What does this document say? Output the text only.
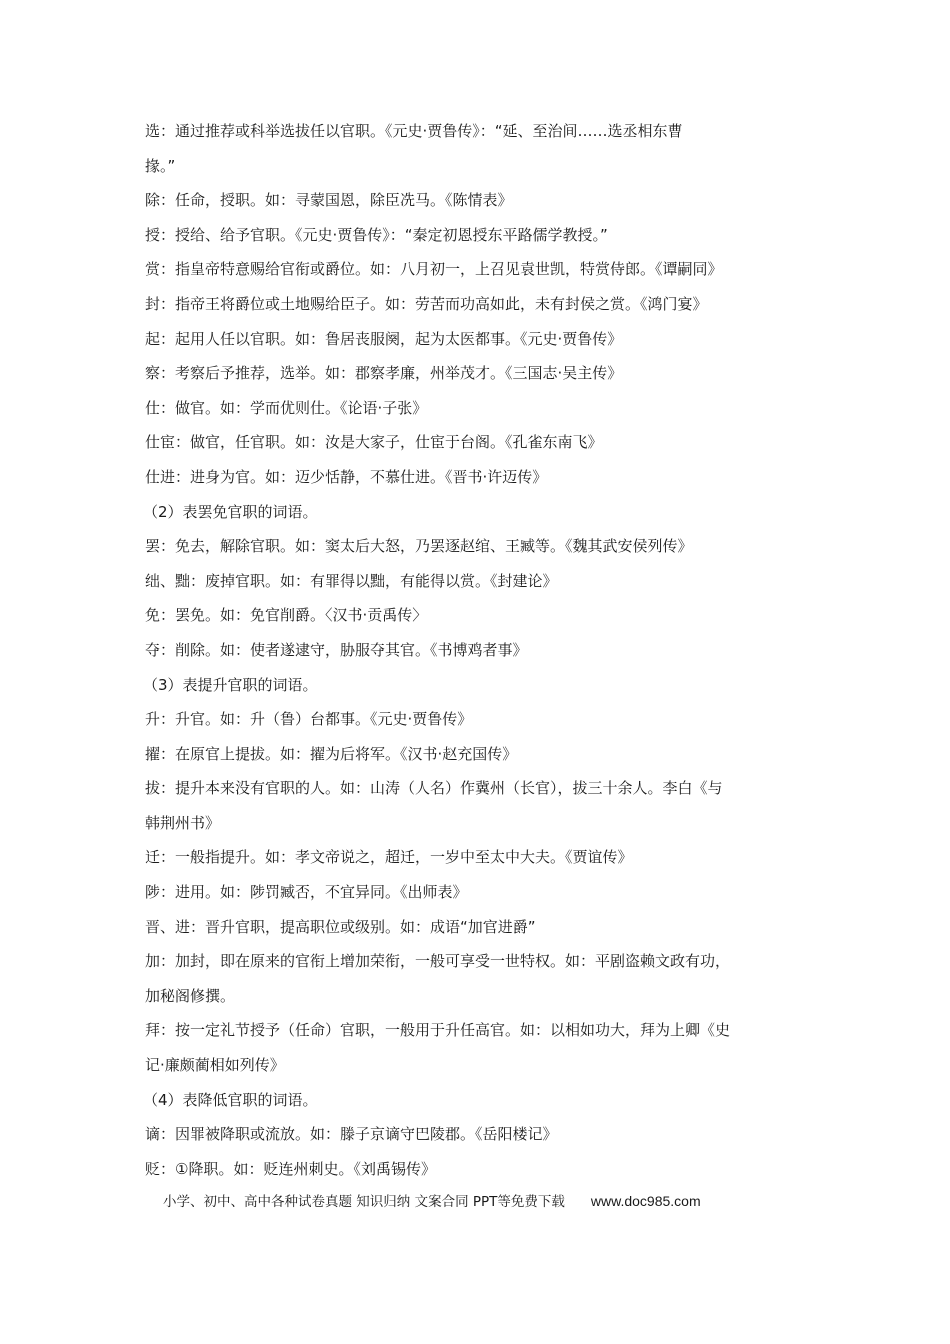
选：通过推荐或科举选拔任以官职。《元史·贾鲁传》：“延、至治间……选丞相东曹
掾。”
除：任命，授职。如：寻蒙国恩，除臣冼马。《陈情表》
授：授给、给予官职。《元史·贾鲁传》：“秦定初恩授东平路儒学教授。”
赏：指皇帝特意赐给官衔或爵位。如：八月初一，上召见袁世凯，特赏侍郎。《谭嗣同》
封：指帝王将爵位或土地赐给臣子。如：劳苦而功高如此，未有封侯之赏。《鸿门宴》
起：起用人任以官职。如：鲁居丧服阕，起为太医都事。《元史·贾鲁传》
察：考察后予推荐，选举。如：郡察孝廉，州举茂才。《三国志·吴主传》
仕：做官。如：学而优则仕。《论语·子张》
仕宦：做官，任官职。如：汝是大家子，仕宦于台阁。《孔雀东南飞》
仕进：进身为官。如：迈少恬静，不慕仕进。《晋书·许迈传》
（2）表罢免官职的词语。
罢：免去，解除官职。如：窦太后大怒，乃罢逐赵绾、王臧等。《魏其武安侯列传》
绌、黜：废掉官职。如：有罪得以黜，有能得以赏。《封建论》
免：罢免。如：免官削爵。〈汉书·贡禹传〉
夺：削除。如：使者遂逮守，胁服夺其官。《书博鸡者事》
（3）表提升官职的词语。
升：升官。如：升（鲁）台都事。《元史·贾鲁传》
擢：在原官上提拔。如：擢为后将军。《汉书·赵充国传》
拔：提升本来没有官职的人。如：山涛（人名）作冀州（长官），拔三十余人。李白《与
韩荆州书》
迁：一般指提升。如：孝文帝说之，超迁，一岁中至太中大夫。《贾谊传》
陟：进用。如：陟罚臧否，不宜异同。《出师表》
晋、进：晋升官职，提高职位或级别。如：成语“加官进爵”
加：加封，即在原来的官衔上增加荣衔，一般可享受一世特权。如：平剧盗赖文政有功，
加秘阁修撰。
拜：按一定礼节授予（任命）官职，一般用于升任高官。如：以相如功大，拜为上卿《史
记·廉颇蔺相如列传》
（4）表降低官职的词语。
谪：因罪被降职或流放。如：滕子京谪守巴陵郡。《岳阳楼记》
贬：①降职。如：贬连州刺史。《刘禹锡传》
小学、初中、高中各种试卷真题 知识归纳 文案合同 PPT等免费下载 www.doc985.com
